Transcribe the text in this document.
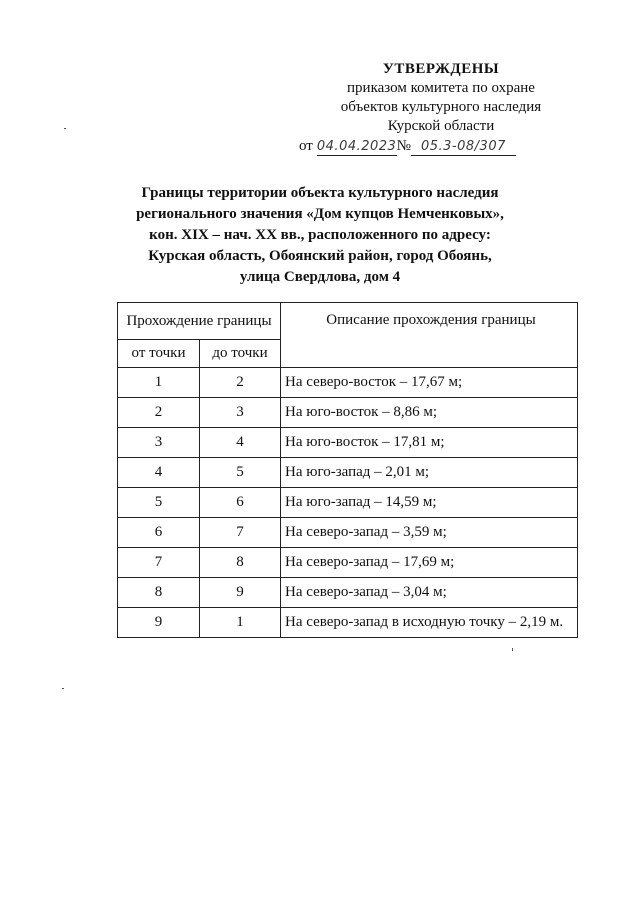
УТВЕРЖДЕНЫ
приказом комитета по охране
объектов культурного наследия
Курской области
от 04.04.2023№ 05.3-08/307
Границы территории объекта культурного наследия
регионального значения «Дом купцов Немченковых»,
кон. XIX – нач. XX вв., расположенного по адресу:
Курская область, Обоянский район, город Обоянь,
улица Свердлова, дом 4
Прохождение границы		Описание прохождения границы
от точки	до точки	
1	2	На северо-восток – 17,67 м;
2	3	На юго-восток – 8,86 м;
3	4	На юго-восток – 17,81 м;
4	5	На юго-запад – 2,01 м;
5	6	На юго-запад – 14,59 м;
6	7	На северо-запад – 3,59 м;
7	8	На северо-запад – 17,69 м;
8	9	На северо-запад – 3,04 м;
9	1	На северо-запад в исходную точку – 2,19 м.
